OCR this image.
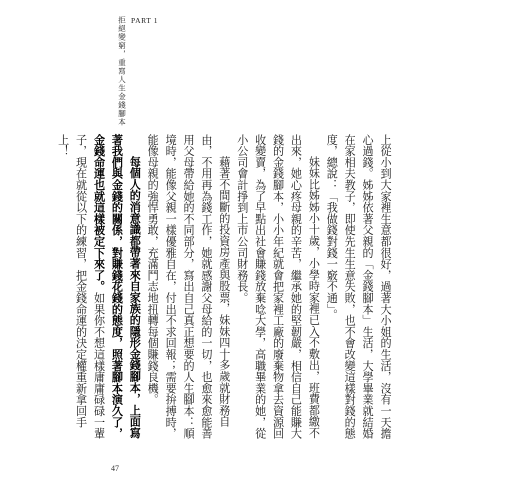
PART 1
拒絕變窮，重寫人生金錢腳本

上從小到大家裡生意都很好，過著大小姐的生活，沒有一天擔心過錢。姊姊依著父親的「金錢腳本」生活，大學畢業就結婚在家相夫教子，即使先生生意失敗，也不會改變這樣對錢的態度，總說：「我做錢對錢一竅不通」。

妹妹比姊姊小十歲，小學時家裡已入不敷出，班費都繳不出來，她心疼母親的辛苦，繼承她的堅韌嚴，相信自己能賺大錢的金錢腳本，小小年紀就會把家裡工廠的廢棄物拿去資源回收變賣，為了早點出社會賺錢放棄唸大學，高職畢業的她，從小公司會計掙到上市公司財務長。

藉著不間斷的投資房產與股票，妹妹四十多歲就財務自由，不用再為錢工作，她就感謝父母給的一切，也愈來愈能善用父母帶給她的不同部分，寫出自己真正想要的人生腳本：順境時，能像父親一樣優雅自在，付出不求回報；需要拚搏時，能像母親的強悍勇敢，充滿鬥志地扭轉每個賺錢良機。

每個人的消意識都帶著來自家族的隱形金錢腳本，上面寫著我們與金錢的關係，對賺錢花錢的態度，照著腳本演久了，金錢命運也就這樣被定下來了。如果你不想這樣庸庸碌碌一輩子，現在就從以下的練習，把金錢命運的決定權重新拿回手上！

47
